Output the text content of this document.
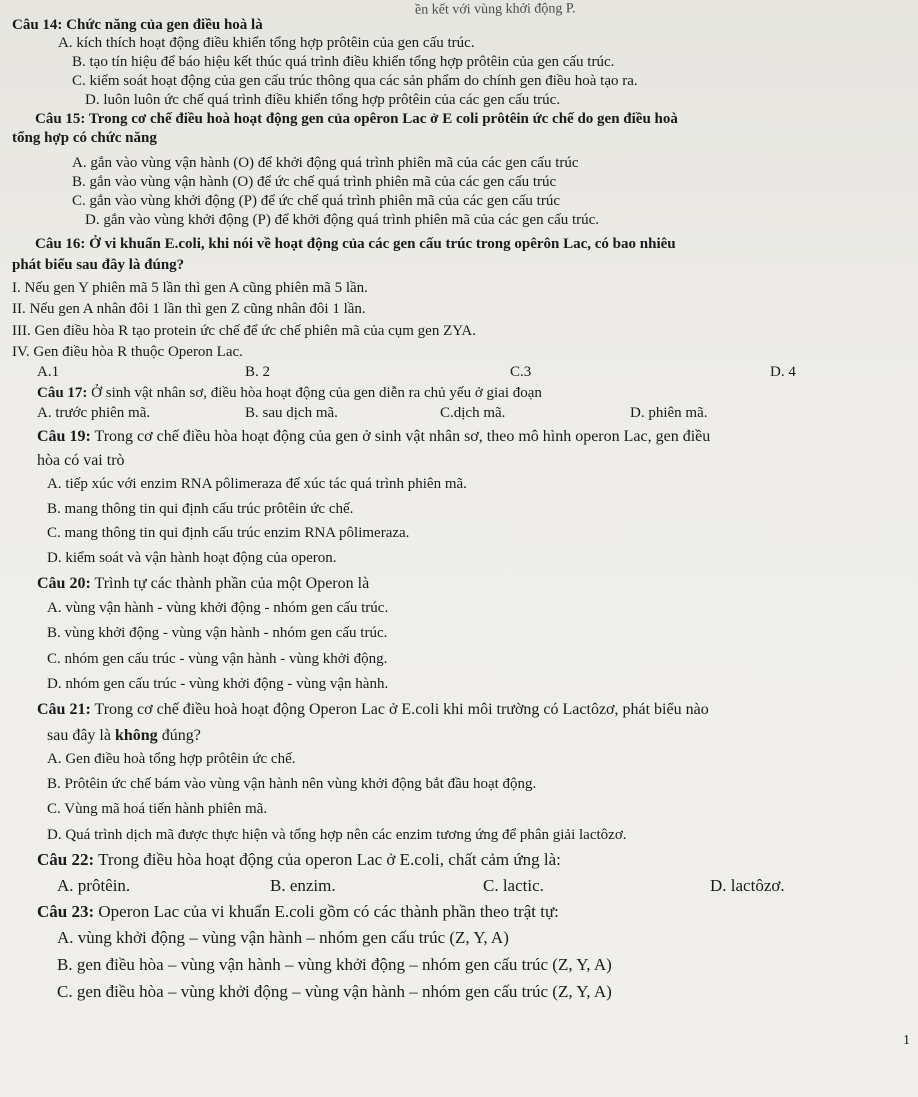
ền kết với vùng khởi động P.
Câu 14: Chức năng của gen điều hoà là
A. kích thích hoạt động điều khiển tổng hợp prôtêin của gen cấu trúc.
B. tạo tín hiệu để báo hiệu kết thúc quá trình điều khiển tổng hợp prôtêin của gen cấu trúc.
C. kiểm soát hoạt động của gen cấu trúc thông qua các sản phẩm do chính gen điều hoà tạo ra.
D. luôn luôn ức chế quá trình điều khiển tổng hợp prôtêin của các gen cấu trúc.
Câu 15: Trong cơ chế điều hoà hoạt động gen của opêron Lac ở E coli prôtêin ức chế do gen điều hoà
tổng hợp có chức năng
A. gắn vào vùng vận hành (O) để khởi động quá trình phiên mã của các gen cấu trúc
B. gắn vào vùng vận hành (O) để ức chế quá trình phiên mã của các gen cấu trúc
C. gắn vào vùng khởi động (P) để ức chế quá trình phiên mã của các gen cấu trúc
D. gắn vào vùng khởi động (P) để khởi động quá trình phiên mã của các gen cấu trúc.
Câu 16: Ở vi khuẩn E.coli, khi nói về hoạt động của các gen cấu trúc trong opêrôn Lac, có bao nhiêu
phát biểu sau đây là đúng?
I. Nếu gen Y phiên mã 5 lần thì gen A cũng phiên mã 5 lần.
II. Nếu gen A nhân đôi 1 lần thì gen Z cũng nhân đôi 1 lần.
III. Gen điều hòa R tạo protein ức chế để ức chế phiên mã của cụm gen ZYA.
IV. Gen điều hòa R thuộc Operon Lac.
A.1	B. 2	C.3	D. 4
Câu 17: Ở sinh vật nhân sơ, điều hòa hoạt động của gen diễn ra chủ yếu ở giai đoạn
A. trước phiên mã.	B. sau dịch mã.	C.dịch mã.	D. phiên mã.
Câu 19: Trong cơ chế điều hòa hoạt động của gen ở sinh vật nhân sơ, theo mô hình operon Lac, gen điều
hòa có vai trò
A. tiếp xúc với enzim RNA pôlimeraza để xúc tác quá trình phiên mã.
B. mang thông tin qui định cấu trúc prôtêin ức chế.
C. mang thông tin qui định cấu trúc enzim RNA pôlimeraza.
D. kiểm soát và vận hành hoạt động của operon.
Câu 20: Trình tự các thành phần của một Operon là
A. vùng vận hành - vùng khởi động - nhóm gen cấu trúc.
B. vùng khởi động - vùng vận hành - nhóm gen cấu trúc.
C. nhóm gen cấu trúc - vùng vận hành - vùng khởi động.
D. nhóm gen cấu trúc - vùng khởi động - vùng vận hành.
Câu 21: Trong cơ chế điều hoà hoạt động Operon Lac ở E.coli khi môi trường có Lactôzơ, phát biểu nào
sau đây là không đúng?
A. Gen điều hoà tổng hợp prôtêin ức chế.
B. Prôtêin ức chế bám vào vùng vận hành nên vùng khởi động bắt đầu hoạt động.
C. Vùng mã hoá tiến hành phiên mã.
D. Quá trình dịch mã được thực hiện và tổng hợp nên các enzim tương ứng để phân giải lactôzơ.
Câu 22: Trong điều hòa hoạt động của operon Lac ở E.coli, chất cảm ứng là:
A. prôtêin.	B. enzim.	C. lactic.	D. lactôzơ.
Câu 23: Operon Lac của vi khuẩn E.coli gồm có các thành phần theo trật tự:
A. vùng khởi động – vùng vận hành – nhóm gen cấu trúc (Z, Y, A)
B. gen điều hòa – vùng vận hành – vùng khởi động – nhóm gen cấu trúc (Z, Y, A)
C. gen điều hòa – vùng khởi động – vùng vận hành – nhóm gen cấu trúc (Z, Y, A)
1
